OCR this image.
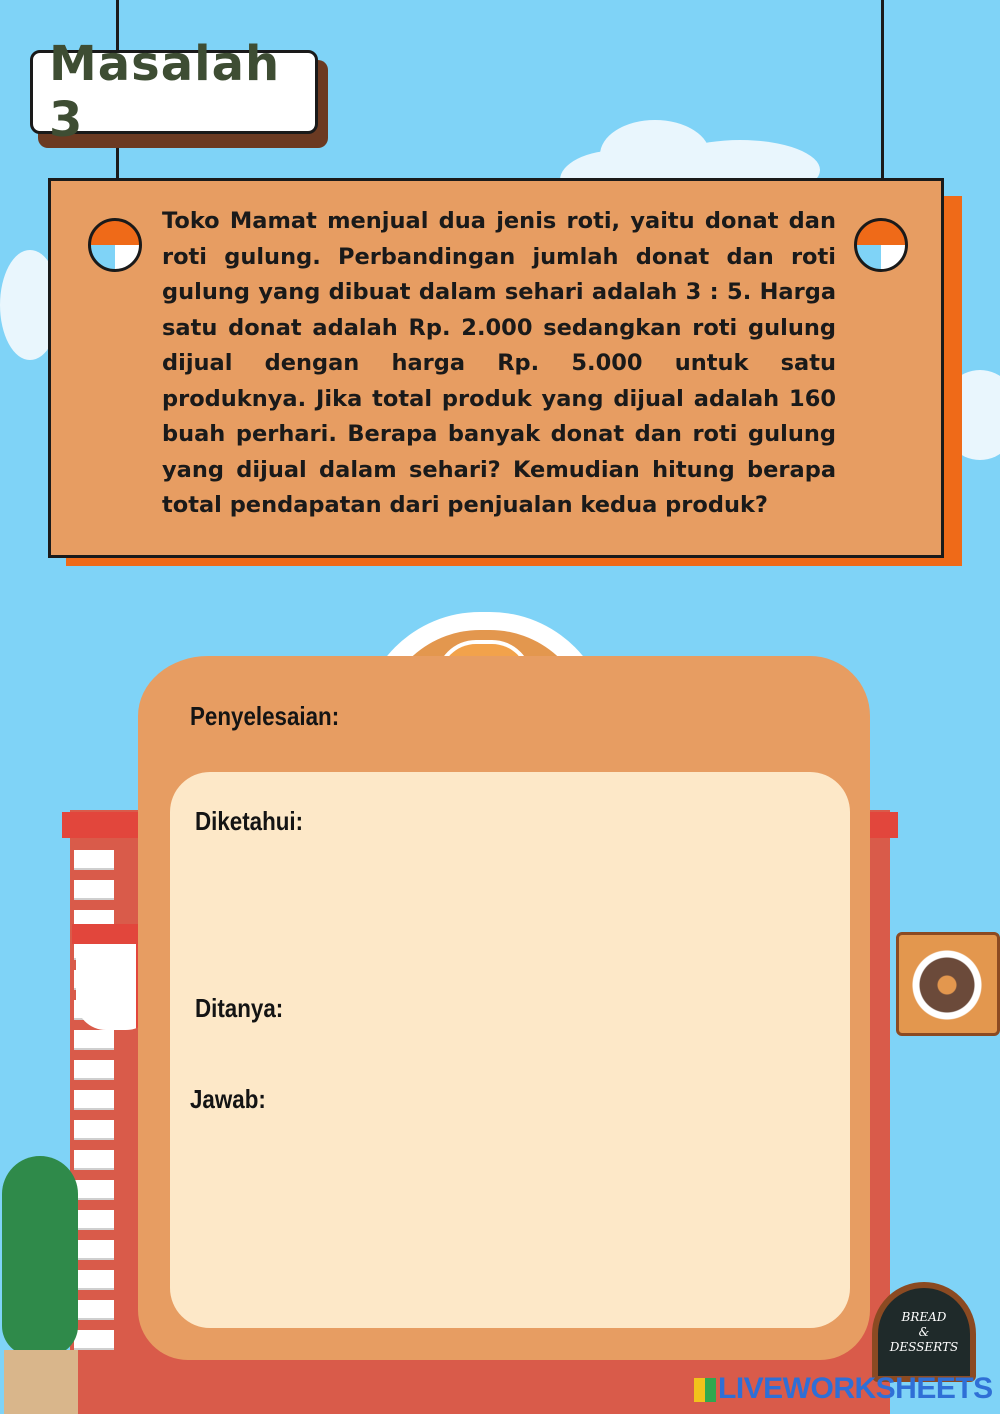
Masalah 3
Toko Mamat menjual dua jenis roti, yaitu donat dan roti gulung. Perbandingan jumlah donat dan roti gulung yang dibuat dalam sehari adalah 3 : 5. Harga satu donat adalah Rp. 2.000 sedangkan roti gulung dijual dengan harga Rp. 5.000 untuk satu produknya. Jika total produk yang dijual adalah 160 buah perhari. Berapa banyak donat dan roti gulung yang dijual dalam sehari? Kemudian hitung berapa total pendapatan dari penjualan kedua produk?
Penyelesaian:
Diketahui:
Ditanya:
Jawab:
BREAD
&
DESSERTS
LIVEWORKSHEETS
